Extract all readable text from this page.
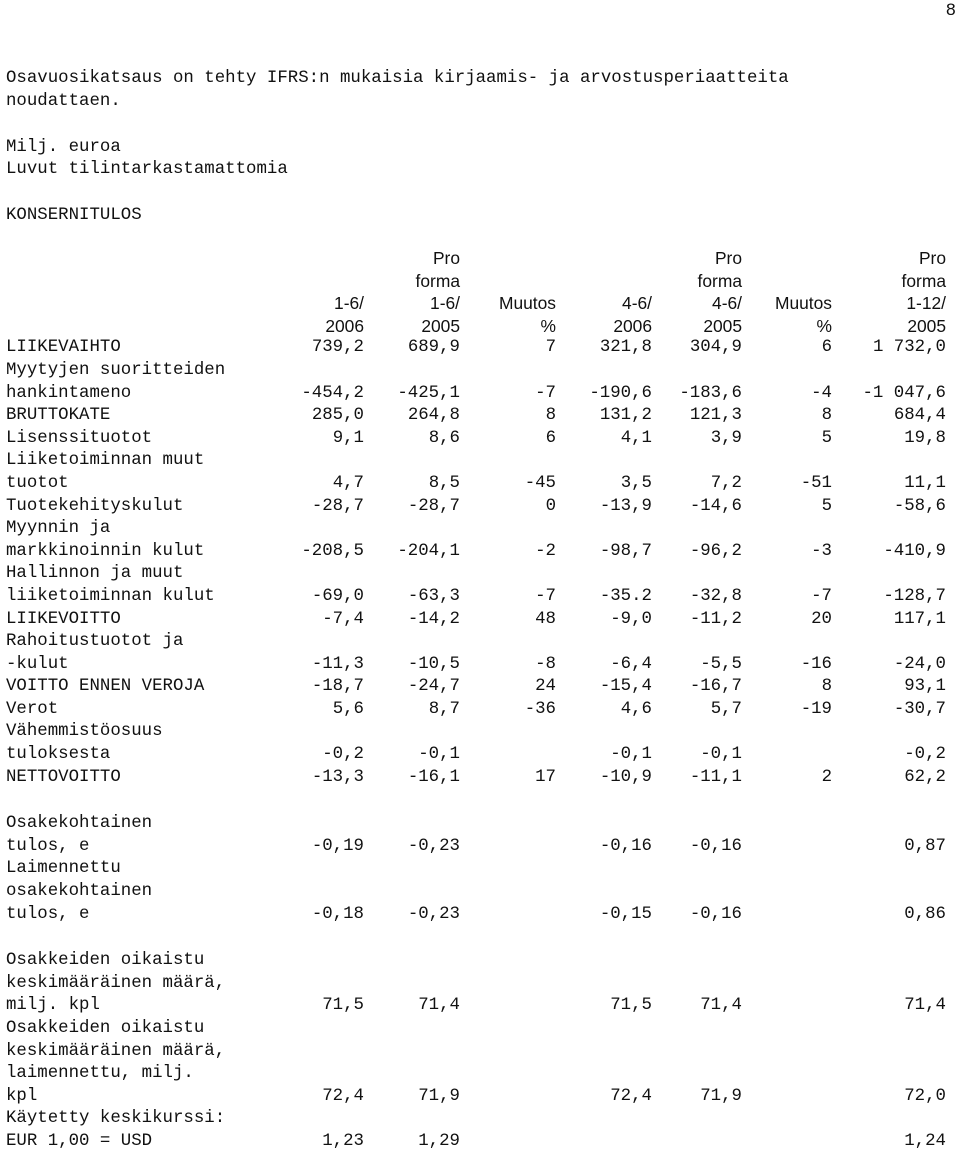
8
Osavuosikatsaus on tehty IFRS:n mukaisia kirjaamis- ja arvostusperiaatteita
noudattaen.
Milj. euroa
Luvut tilintarkastamattomia
KONSERNITULOS
		Pro			Pro		Pro
		forma			forma		forma
	1-6/	1-6/	Muutos	4-6/	4-6/	Muutos	1-12/
	2006	2005	%	2006	2005	%	2005
LIIKEVAIHTO	739,2	689,9	7	321,8	304,9	6	1 732,0
Myytyjen suoritteiden							
hankintameno	-454,2	-425,1	-7	-190,6	-183,6	-4	-1 047,6
BRUTTOKATE	285,0	264,8	8	131,2	121,3	8	684,4
Lisenssituotot	9,1	8,6	6	4,1	3,9	5	19,8
Liiketoiminnan muut							
tuotot	4,7	8,5	-45	3,5	7,2	-51	11,1
Tuotekehityskulut	-28,7	-28,7	0	-13,9	-14,6	5	-58,6
Myynnin ja							
markkinoinnin kulut	-208,5	-204,1	-2	-98,7	-96,2	-3	-410,9
Hallinnon ja muut							
liiketoiminnan kulut	-69,0	-63,3	-7	-35.2	-32,8	-7	-128,7
LIIKEVOITTO	-7,4	-14,2	48	-9,0	-11,2	20	117,1
Rahoitustuotot ja							
-kulut	-11,3	-10,5	-8	-6,4	-5,5	-16	-24,0
VOITTO ENNEN VEROJA	-18,7	-24,7	24	-15,4	-16,7	8	93,1
Verot	5,6	8,7	-36	4,6	5,7	-19	-30,7
Vähemmistöosuus							
tuloksesta	-0,2	-0,1		-0,1	-0,1		-0,2
NETTOVOITTO	-13,3	-16,1	17	-10,9	-11,1	2	62,2

Osakekohtainen							
tulos, e	-0,19	-0,23		-0,16	-0,16		0,87
Laimennettu							
osakekohtainen							
tulos, e	-0,18	-0,23		-0,15	-0,16		0,86

Osakkeiden oikaistu							
keskimääräinen määrä,							
milj. kpl	71,5	71,4		71,5	71,4		71,4
Osakkeiden oikaistu							
keskimääräinen määrä,							
laimennettu, milj.							
kpl	72,4	71,9		72,4	71,9		72,0
Käytetty keskikurssi:							
EUR 1,00 = USD	1,23	1,29					1,24
